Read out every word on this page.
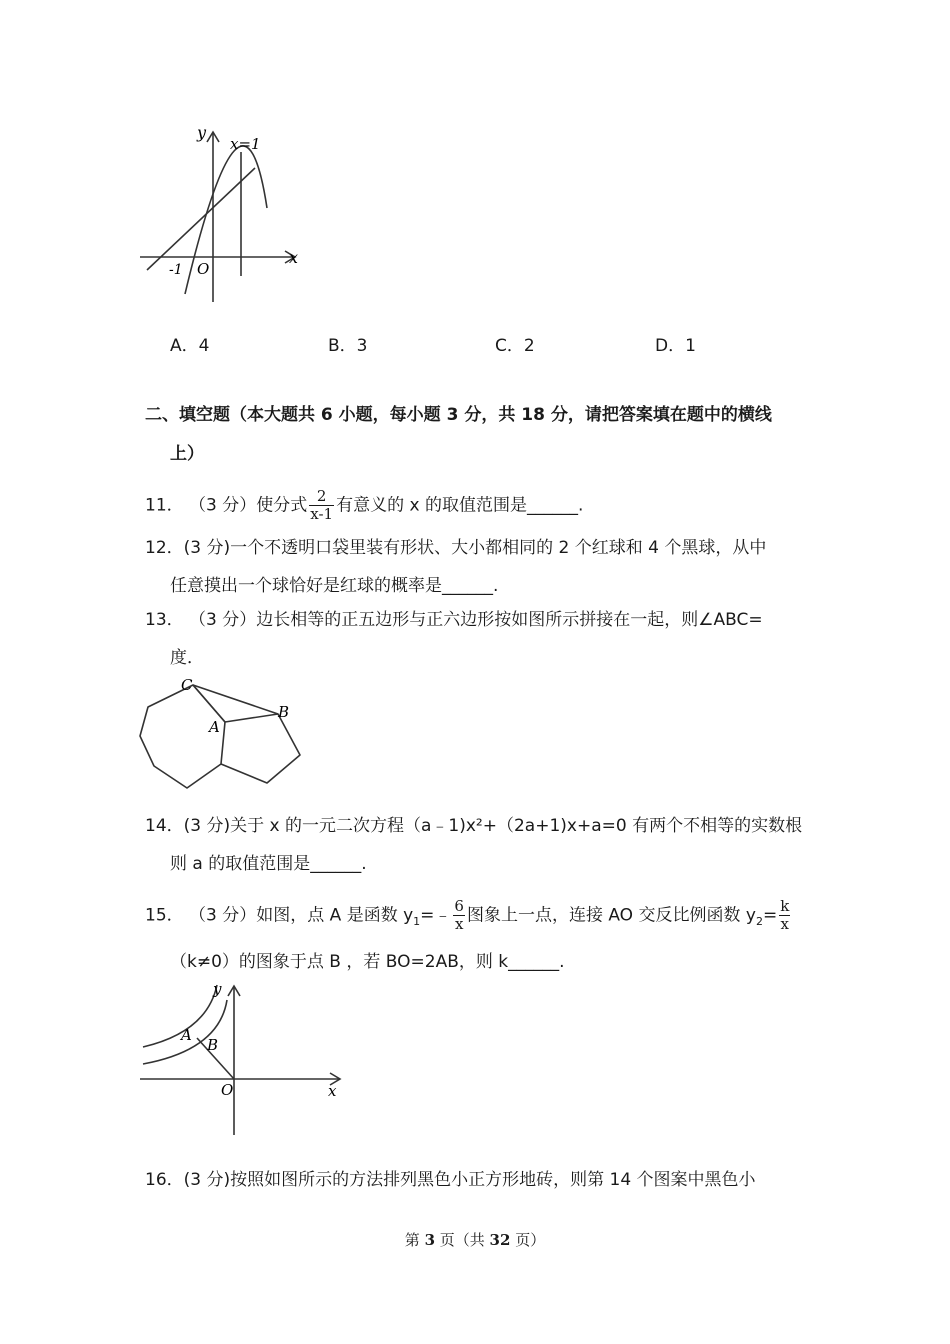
y
x=1
-1 O
x
A．4	B．3	C．2	D．1
二、填空题（本大题共 6 小题，每小题 3 分，共 18 分，请把答案填在题中的横线
上）
11． （3 分）使分式 $\frac{2}{x-1}$ 有意义的 x 的取值范围是______.
12．(3 分)一个不透明口袋里装有形状、大小都相同的 2 个红球和 4 个黑球，从中
任意摸出一个球恰好是红球的概率是______.
13． （3 分）边长相等的正五边形与正六边形按如图所示拼接在一起，则∠ABC=
度．
C
A
B
14．(3 分)关于 x 的一元二次方程（a﹣1)x²+（2a+1)x+a=0 有两个不相等的实数根
则 a 的取值范围是______.
15． （3 分）如图，点 A 是函数 $y_1=﹣ \frac{6}{x}$ 图象上一点，连接 AO 交反比例函数 $y_2= \frac{k}{x}$
（k≠0）的图象于点 B ，若 BO=2AB，则 k______.
A
B
O
y
x
16．(3 分)按照如图所示的方法排列黑色小正方形地砖，则第 14 个图案中黑色小
第 3 页（共 32 页）
